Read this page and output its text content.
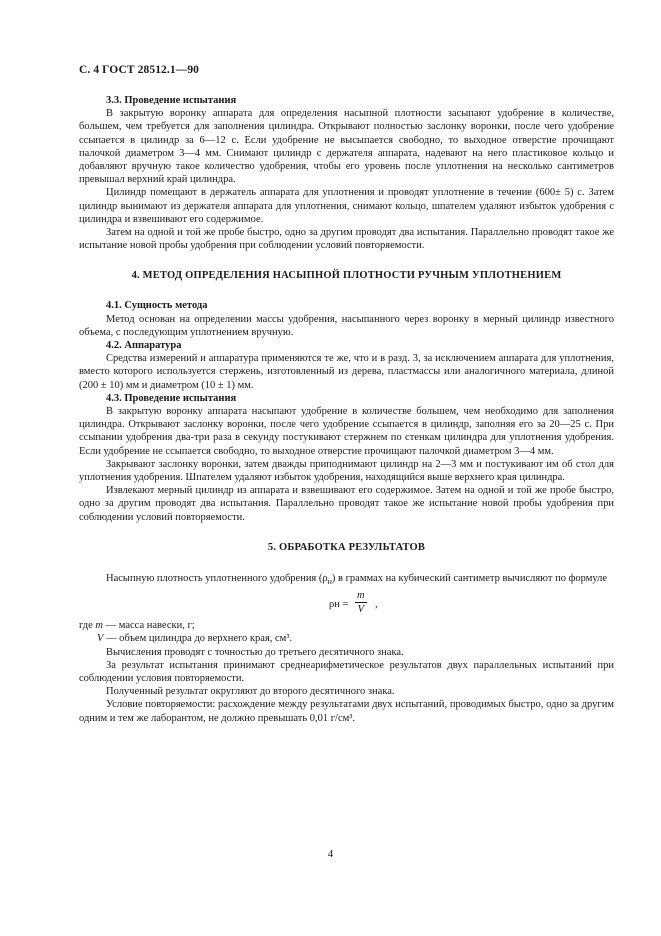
С. 4 ГОСТ 28512.1—90
3.3. Проведение испытания

В закрытую воронку аппарата для определения насыпной плотности засыпают удобрение в количестве, большем, чем требуется для заполнения цилиндра. Открывают полностью заслонку воронки, после чего удобрение ссыпается в цилиндр за 6—12 с. Если удобрение не высыпается свободно, то выходное отверстие прочищают палочкой диаметром 3—4 мм. Снимают цилиндр с держателя аппарата, надевают на него пластиковое кольцо и добавляют вручную такое количество удобрения, чтобы его уровень после уплотнения на несколько сантиметров превышал верхний край цилиндра.

Цилиндр помещают в держатель аппарата для уплотнения и проводят уплотнение в течение (600± 5) с. Затем цилиндр вынимают из держателя аппарата для уплотнения, снимают кольцо, шпателем удаляют избыток удобрения с цилиндра и взвешивают его содержимое.

Затем на одной и той же пробе быстро, одно за другим проводят два испытания. Параллельно проводят такое же испытание новой пробы удобрения при соблюдении условий повторяемости.

4. МЕТОД ОПРЕДЕЛЕНИЯ НАСЫПНОЙ ПЛОТНОСТИ РУЧНЫМ УПЛОТНЕНИЕМ
4.1. Сущность метода

Метод основан на определении массы удобрения, насыпанного через воронку в мерный цилиндр известного объема, с последующим уплотнением вручную.

4.2. Аппаратура

Средства измерений и аппаратура применяются те же, что и в разд. 3, за исключением аппарата для уплотнения, вместо которого используется стержень, изготовленный из дерева, пластмассы или аналогичного материала, длиной (200 ± 10) мм и диаметром (10 ± 1) мм.

4.3. Проведение испытания

В закрытую воронку аппарата насыпают удобрение в количестве большем, чем необходимо для заполнения цилиндра. Открывают заслонку воронки, после чего удобрение ссыпается в цилиндр, заполняя его за 20—25 с. При ссыпании удобрения два-три раза в секунду постукивают стержнем по стенкам цилиндра для уплотнения удобрения. Если удобрение не ссыпается свободно, то выходное отверстие прочищают палочкой диаметром 3—4 мм.

Закрывают заслонку воронки, затем дважды приподнимают цилиндр на 2—3 мм и постукивают им об стол для уплотнения удобрения. Шпателем удаляют избыток удобрения, находящийся выше верхнего края цилиндра.

Извлекают мерный цилиндр из аппарата и взвешивают его содержимое. Затем на одной и той же пробе быстро, одно за другим проводят два испытания. Параллельно проводят такое же испытание новой пробы удобрения при соблюдении условий повторяемости.

5. ОБРАБОТКА РЕЗУЛЬТАТОВ

Насыпную плотность уплотненного удобрения $(\rho_н)$ в граммах на кубический сантиметр вычисляют по формуле

$\rho н = \frac{m}{V}$ ,
где m — масса навески, г;
V — объем цилиндра до верхнего края, см³.

Вычисления проводят с точностью до третьего десятичного знака.

За результат испытания принимают среднеарифметическое результатов двух параллельных испытаний при соблюдении условия повторяемости.

Полученный результат округляют до второго десятичного знака.

Условие повторяемости: расхождение между результатами двух испытаний, проводимых быстро, одно за другим одним и тем же лаборантом, не должно превышать 0,01 г/см³.

4
